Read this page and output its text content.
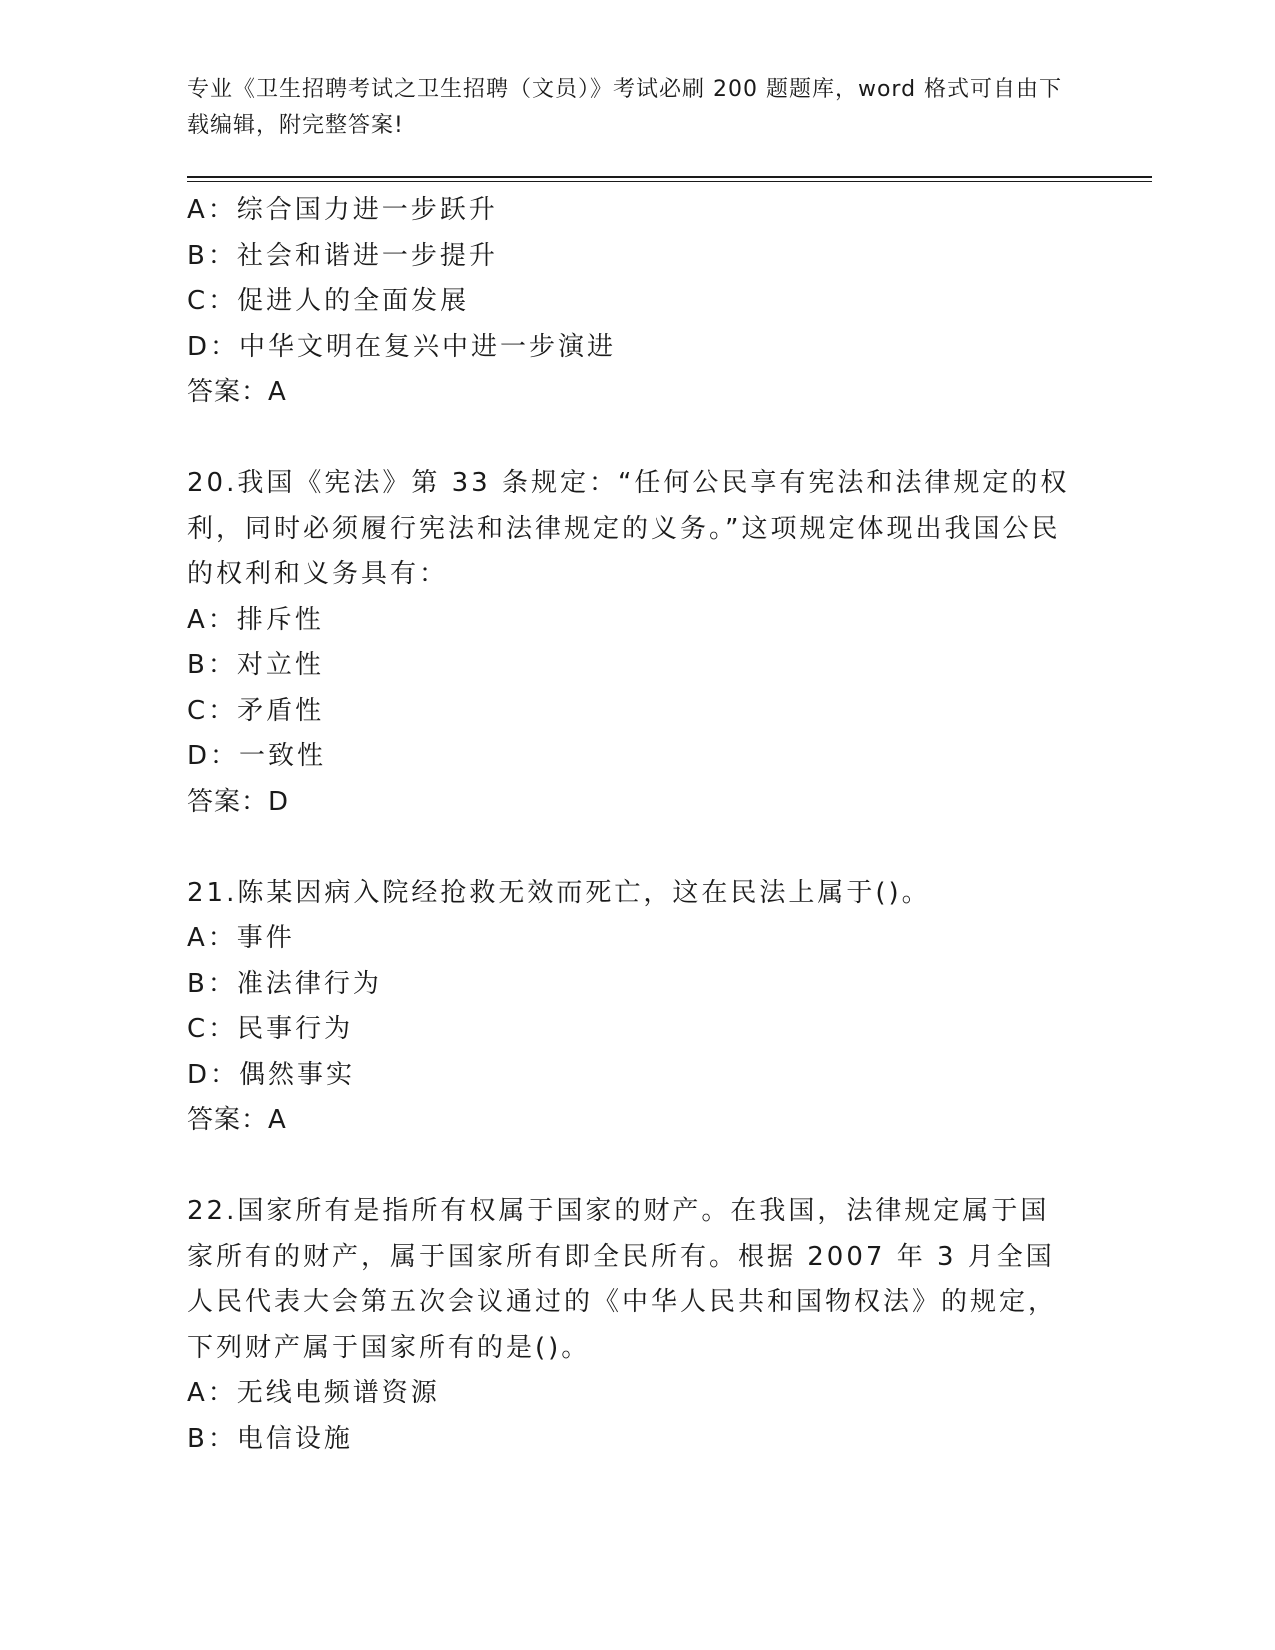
专业《卫生招聘考试之卫生招聘（文员）》考试必刷 200 题题库，word 格式可自由下载编辑，附完整答案!
A：综合国力进一步跃升
B：社会和谐进一步提升
C：促进人的全面发展
D：中华文明在复兴中进一步演进
答案：A
20.我国《宪法》第 33 条规定：“任何公民享有宪法和法律规定的权利，同时必须履行宪法和法律规定的义务。”这项规定体现出我国公民的权利和义务具有：
A：排斥性
B：对立性
C：矛盾性
D：一致性
答案：D
21.陈某因病入院经抢救无效而死亡，这在民法上属于()。
A：事件
B：准法律行为
C：民事行为
D：偶然事实
答案：A
22.国家所有是指所有权属于国家的财产。在我国，法律规定属于国家所有的财产，属于国家所有即全民所有。根据 2007 年 3 月全国人民代表大会第五次会议通过的《中华人民共和国物权法》的规定，下列财产属于国家所有的是()。
A：无线电频谱资源
B：电信设施
